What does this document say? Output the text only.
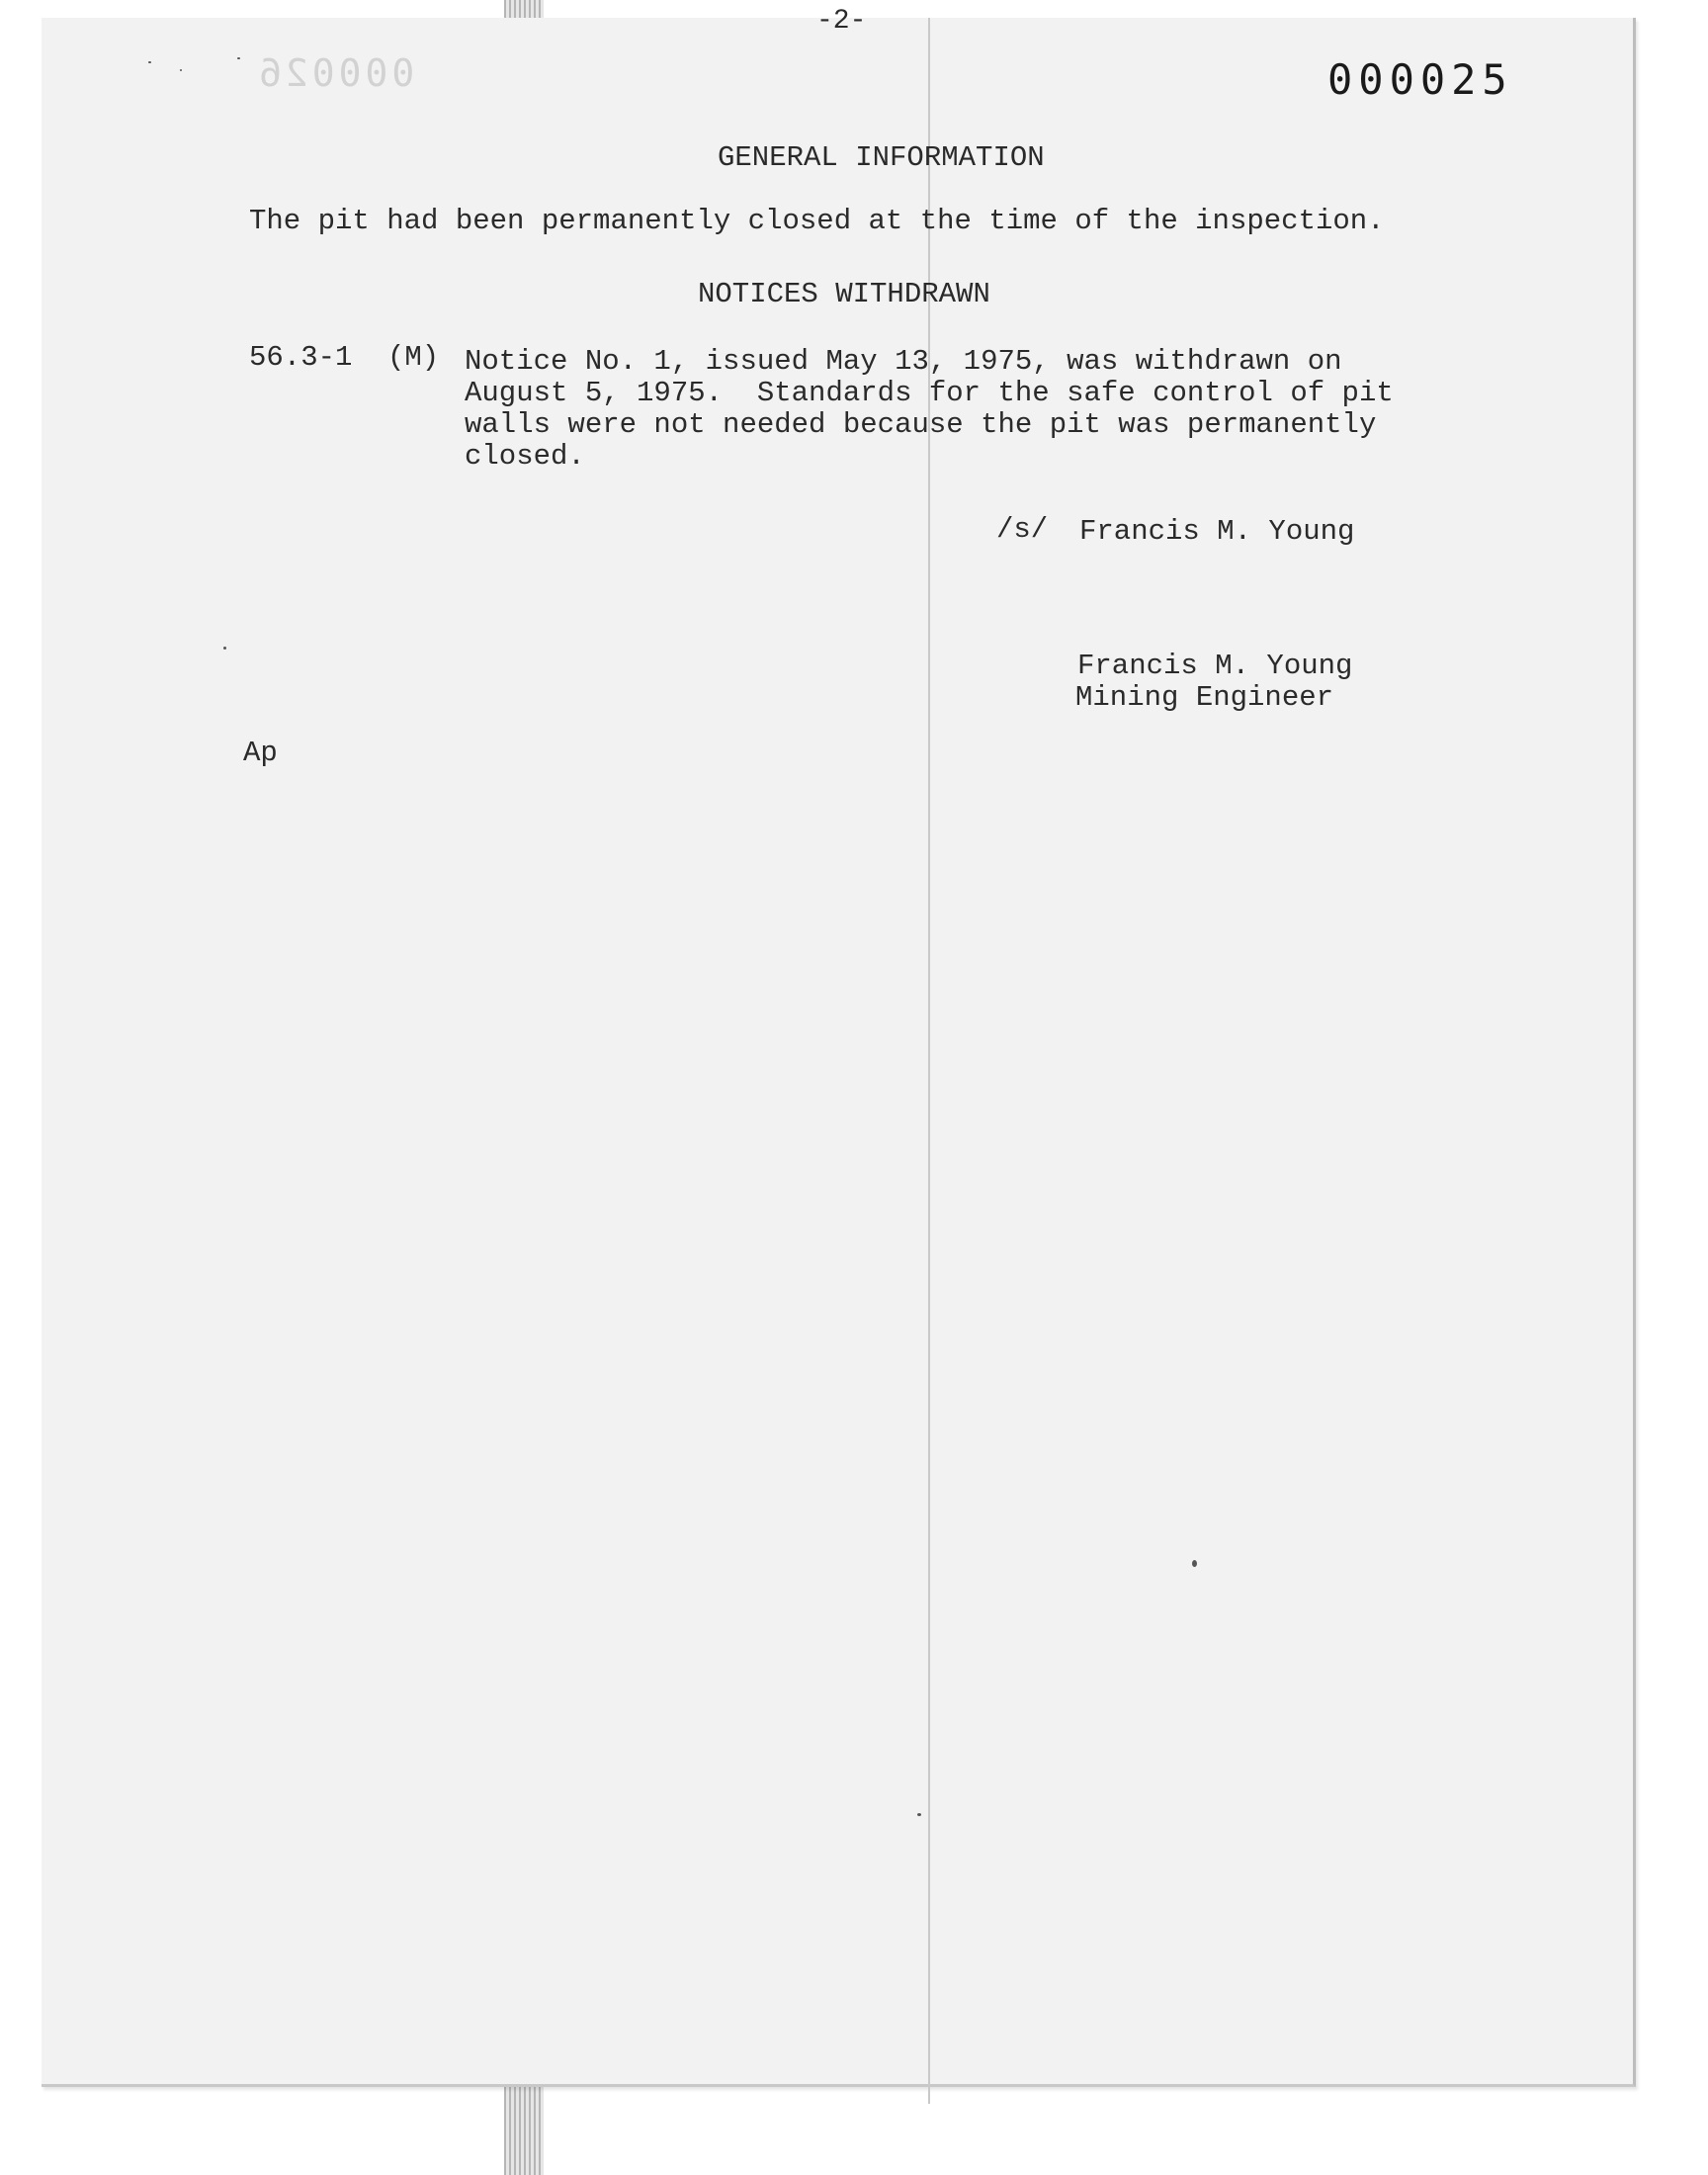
-2-
000026	000025
GENERAL INFORMATION
The pit had been permanently closed at the time of the inspection.
NOTICES WITHDRAWN
56.3-1 (M) Notice No. 1, issued May 13, 1975, was withdrawn on
August 5, 1975.  Standards for the safe control of pit
walls were not needed because the pit was permanently
closed.
/s/ Francis M. Young
Francis M. Young
Mining Engineer
Ap
